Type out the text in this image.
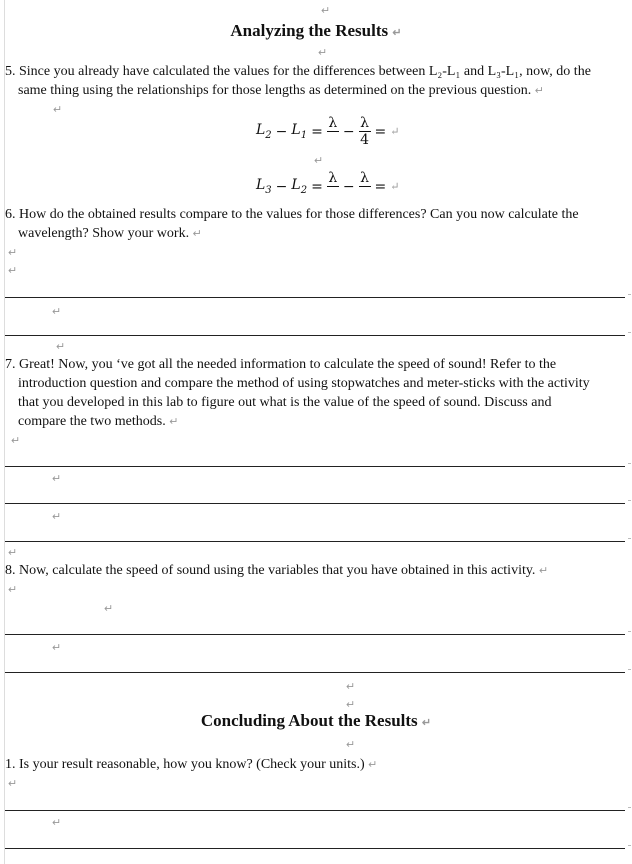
↵
Analyzing the Results ↵
↵
5. Since you already have calculated the values for the differences between L₂-L₁ and L₃-L₁, now, do the
same thing using the relationships for those lengths as determined on the previous question. ↵
↵
$L_2 - L_1$ =
λ
− $\frac{\lambda}{4}$ = ↵
↵
$L_3 - L_2$ =
λ
−
λ
= ↵
6. How do the obtained results compare to the values for those differences? Can you now calculate the
wavelength? Show your work. ↵
↵
↵
↵
↵
7. Great! Now, you ‘ve got all the needed information to calculate the speed of sound! Refer to the
introduction question and compare the method of using stopwatches and meter-sticks with the activity
that you developed in this lab to figure out what is the value of the speed of sound. Discuss and
compare the two methods. ↵
↵
↵
↵
↵
8. Now, calculate the speed of sound using the variables that you have obtained in this activity. ↵
↵
↵
↵
↵
↵
Concluding About the Results ↵
↵
1. Is your result reasonable, how you know? (Check your units.) ↵
↵
↵
